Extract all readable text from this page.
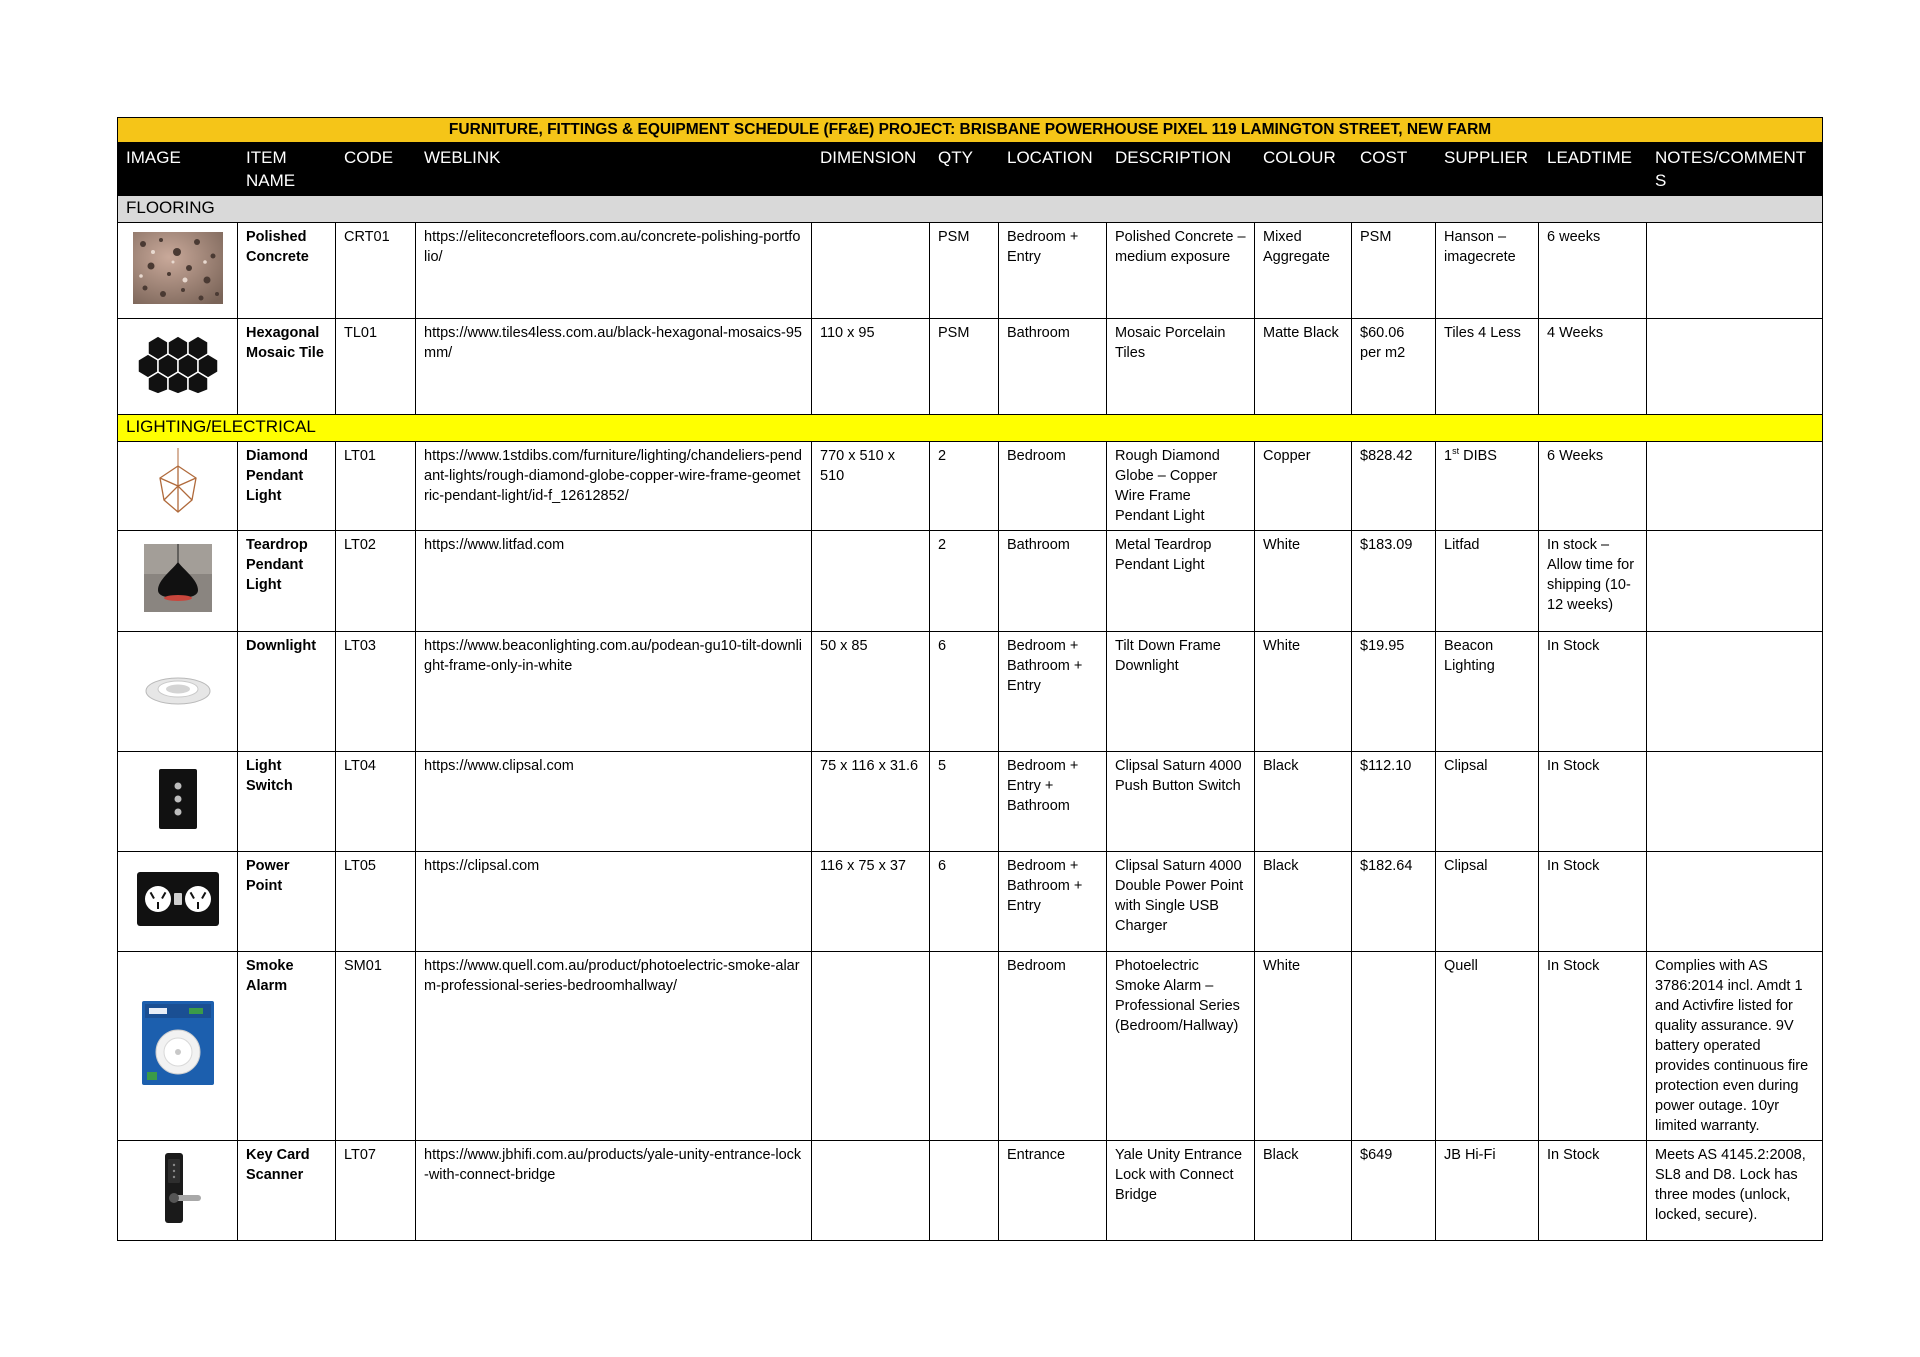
FURNITURE, FITTINGS & EQUIPMENT SCHEDULE (FF&E) PROJECT: BRISBANE POWERHOUSE PIXEL 119 LAMINGTON STREET, NEW FARM												
IMAGE	ITEM NAME	CODE	WEBLINK	DIMENSION	QTY	LOCATION	DESCRIPTION	COLOUR	COST	SUPPLIER	LEADTIME	NOTES/COMMENTS
FLOORING												
	Polished Concrete	CRT01	https://eliteconcretefloors.com.au/concrete-polishing-portfolio/		PSM	Bedroom + Entry	Polished Concrete – medium exposure	Mixed Aggregate	PSM	Hanson – imagecrete	6 weeks	
	Hexagonal Mosaic Tile	TL01	https://www.tiles4less.com.au/black-hexagonal-mosaics-95mm/	110 x 95	PSM	Bathroom	Mosaic Porcelain Tiles	Matte Black	$60.06 per m2	Tiles 4 Less	4 Weeks	
LIGHTING/ELECTRICAL												
	Diamond Pendant Light	LT01	https://www.1stdibs.com/furniture/lighting/chandeliers-pendant-lights/rough-diamond-globe-copper-wire-frame-geometric-pendant-light/id-f_12612852/	770 x 510 x 510	2	Bedroom	Rough Diamond Globe – Copper Wire Frame Pendant Light	Copper	$828.42	1st DIBS	6 Weeks	
	Teardrop Pendant Light	LT02	https://www.litfad.com		2	Bathroom	Metal Teardrop Pendant Light	White	$183.09	Litfad	In stock – Allow time for shipping (10-12 weeks)	
	Downlight	LT03	https://www.beaconlighting.com.au/podean-gu10-tilt-downlight-frame-only-in-white	50 x 85	6	Bedroom + Bathroom + Entry	Tilt Down Frame Downlight	White	$19.95	Beacon Lighting	In Stock	
	Light Switch	LT04	https://www.clipsal.com	75 x 116 x 31.6	5	Bedroom + Entry + Bathroom	Clipsal Saturn 4000 Push Button Switch	Black	$112.10	Clipsal	In Stock	
	Power Point	LT05	https://clipsal.com	116 x 75 x 37	6	Bedroom + Bathroom + Entry	Clipsal Saturn 4000 Double Power Point with Single USB Charger	Black	$182.64	Clipsal	In Stock	
	Smoke Alarm	SM01	https://www.quell.com.au/product/photoelectric-smoke-alarm-professional-series-bedroomhallway/			Bedroom	Photoelectric Smoke Alarm – Professional Series (Bedroom/Hallway)	White		Quell	In Stock	Complies with AS 3786:2014 incl. Amdt 1 and Activfire listed for quality assurance. 9V battery operated provides continuous fire protection even during power outage. 10yr limited warranty.
	Key Card Scanner	LT07	https://www.jbhifi.com.au/products/yale-unity-entrance-lock-with-connect-bridge			Entrance	Yale Unity Entrance Lock with Connect Bridge	Black	$649	JB Hi-Fi	In Stock	Meets AS 4145.2:2008, SL8 and D8. Lock has three modes (unlock, locked, secure).
